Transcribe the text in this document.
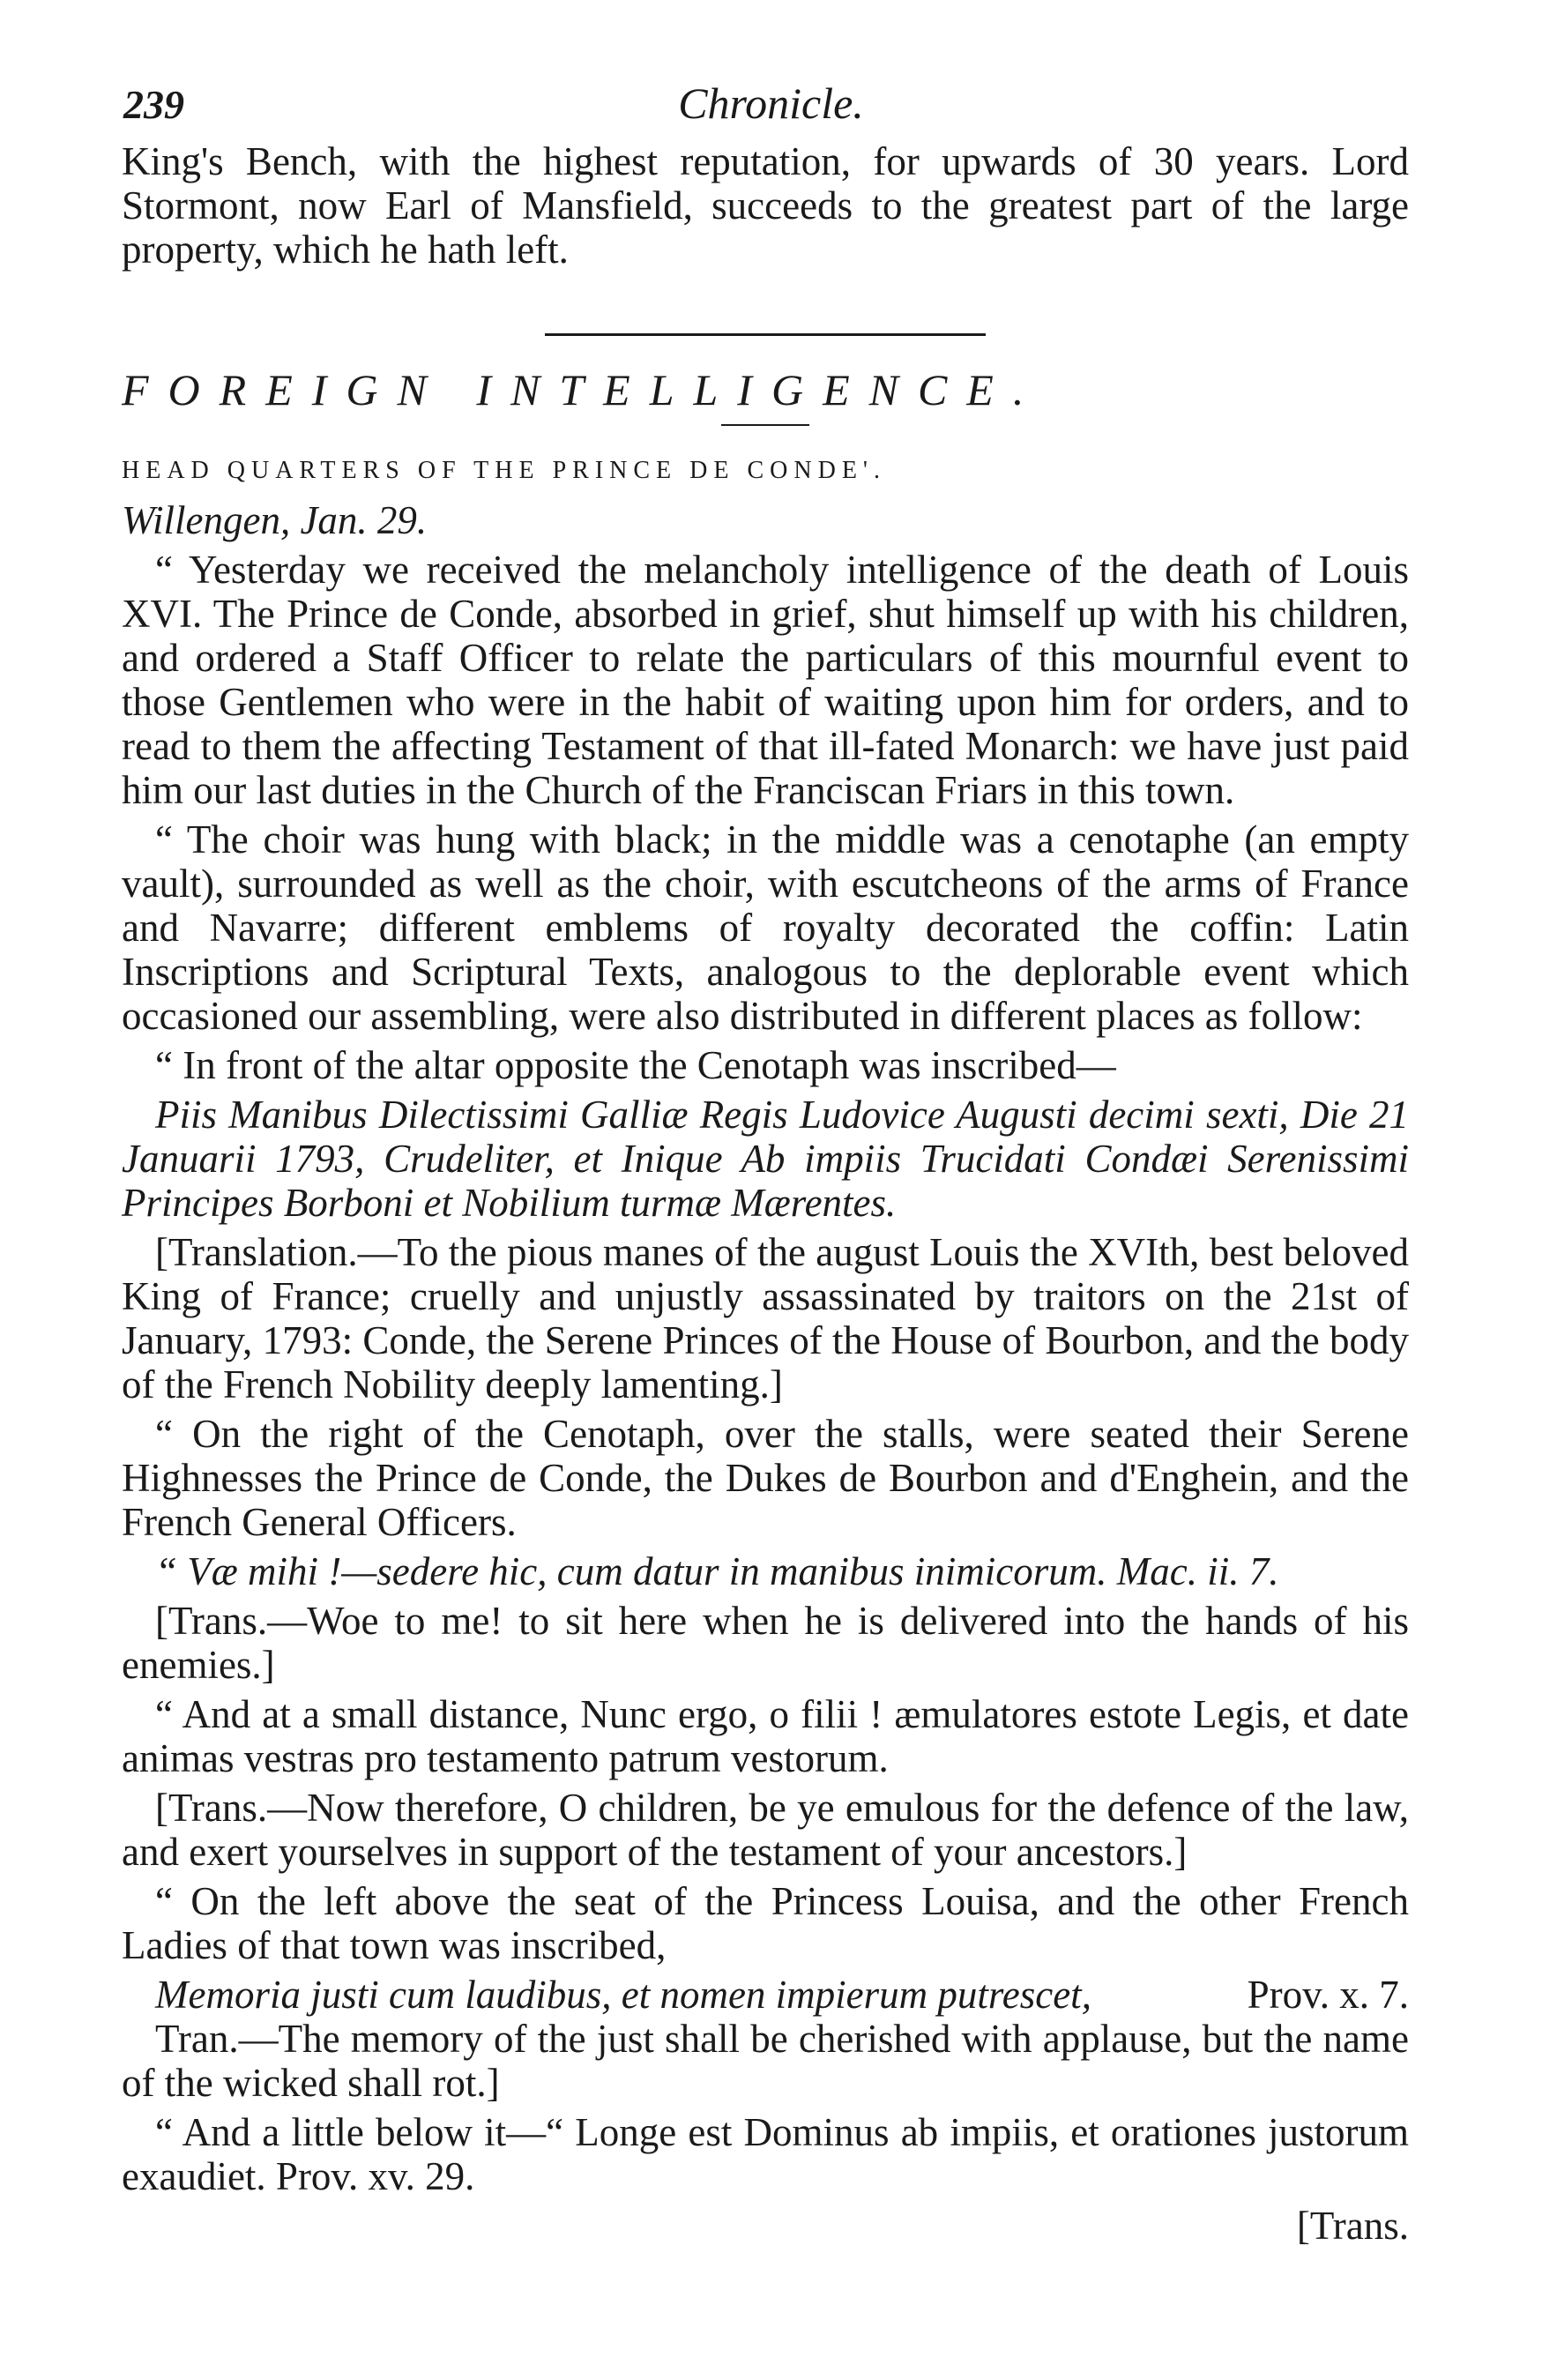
239	Chronicle.

King's Bench, with the highest reputation, for upwards of 30 years. Lord Stormont, now Earl of Mansfield, succeeds to the greatest part of the large property, which he hath left.

FOREIGN INTELLIGENCE.

HEAD QUARTERS OF THE PRINCE DE CONDE'.

Willengen, Jan. 29.

“ Yesterday we received the melancholy intelligence of the death of Louis XVI. The Prince de Conde, absorbed in grief, shut himself up with his children, and ordered a Staff Officer to relate the particulars of this mournful event to those Gentlemen who were in the habit of waiting upon him for orders, and to read to them the affecting Testament of that ill-fated Monarch: we have just paid him our last duties in the Church of the Franciscan Friars in this town.

“ The choir was hung with black; in the middle was a cenotaphe (an empty vault), surrounded as well as the choir, with escutcheons of the arms of France and Navarre; different emblems of royalty decorated the coffin: Latin Inscriptions and Scriptural Texts, analogous to the deplorable event which occasioned our assembling, were also distributed in different places as follow:

“ In front of the altar opposite the Cenotaph was inscribed—

Piis Manibus Dilectissimi Galliæ Regis Ludovice Augusti decimi sexti, Die 21 Januarii 1793, Crudeliter, et Inique Ab impiis Trucidati Condæi Serenissimi Principes Borboni et Nobilium turmæ Mærentes.

[Translation.—To the pious manes of the august Louis the XVIth, best beloved King of France; cruelly and unjustly assassinated by traitors on the 21st of January, 1793: Conde, the Serene Princes of the House of Bourbon, and the body of the French Nobility deeply lamenting.]

“ On the right of the Cenotaph, over the stalls, were seated their Serene Highnesses the Prince de Conde, the Dukes de Bourbon and d'Enghein, and the French General Officers.

“ Væ mihi !—sedere hic, cum datur in manibus inimicorum. Mac. ii. 7.

[Trans.—Woe to me! to sit here when he is delivered into the hands of his enemies.]

“ And at a small distance, Nunc ergo, o filii ! æmulatores estote Legis, et date animas vestras pro testamento patrum vestorum.

[Trans.—Now therefore, O children, be ye emulous for the defence of the law, and exert yourselves in support of the testament of your ancestors.]

“ On the left above the seat of the Princess Louisa, and the other French Ladies of that town was inscribed,

Memoria justi cum laudibus, et nomen impierum putrescet,	Prov. x. 7.

Tran.—The memory of the just shall be cherished with applause, but the name of the wicked shall rot.]

“ And a little below it—“ Longe est Dominus ab impiis, et orationes justorum exaudiet. Prov. xv. 29.

[Trans.
